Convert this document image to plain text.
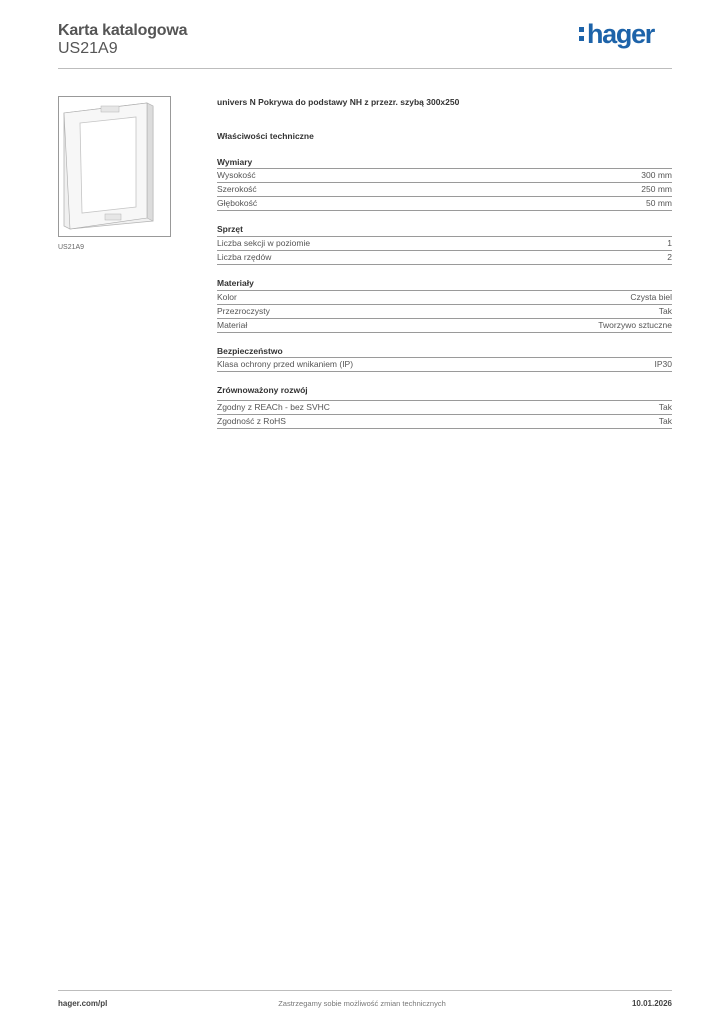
Karta katalogowa
US21A9	hager
US21A9
univers N Pokrywa do podstawy NH z przezr. szybą 300x250
Właściwości techniczne
Wymiary
Wysokość	300 mm
Szerokość	250 mm
Głębokość	50 mm
Sprzęt
Liczba sekcji w poziomie	1
Liczba rzędów	2
Materiały
Kolor	Czysta biel
Przezroczysty	Tak
Materiał	Tworzywo sztuczne
Bezpieczeństwo
Klasa ochrony przed wnikaniem (IP)	IP30
Zrównoważony rozwój
Zgodny z REACh - bez SVHC	Tak
Zgodność z RoHS	Tak
hager.com/pl	Zastrzegamy sobie możliwość zmian technicznych	10.01.2026
